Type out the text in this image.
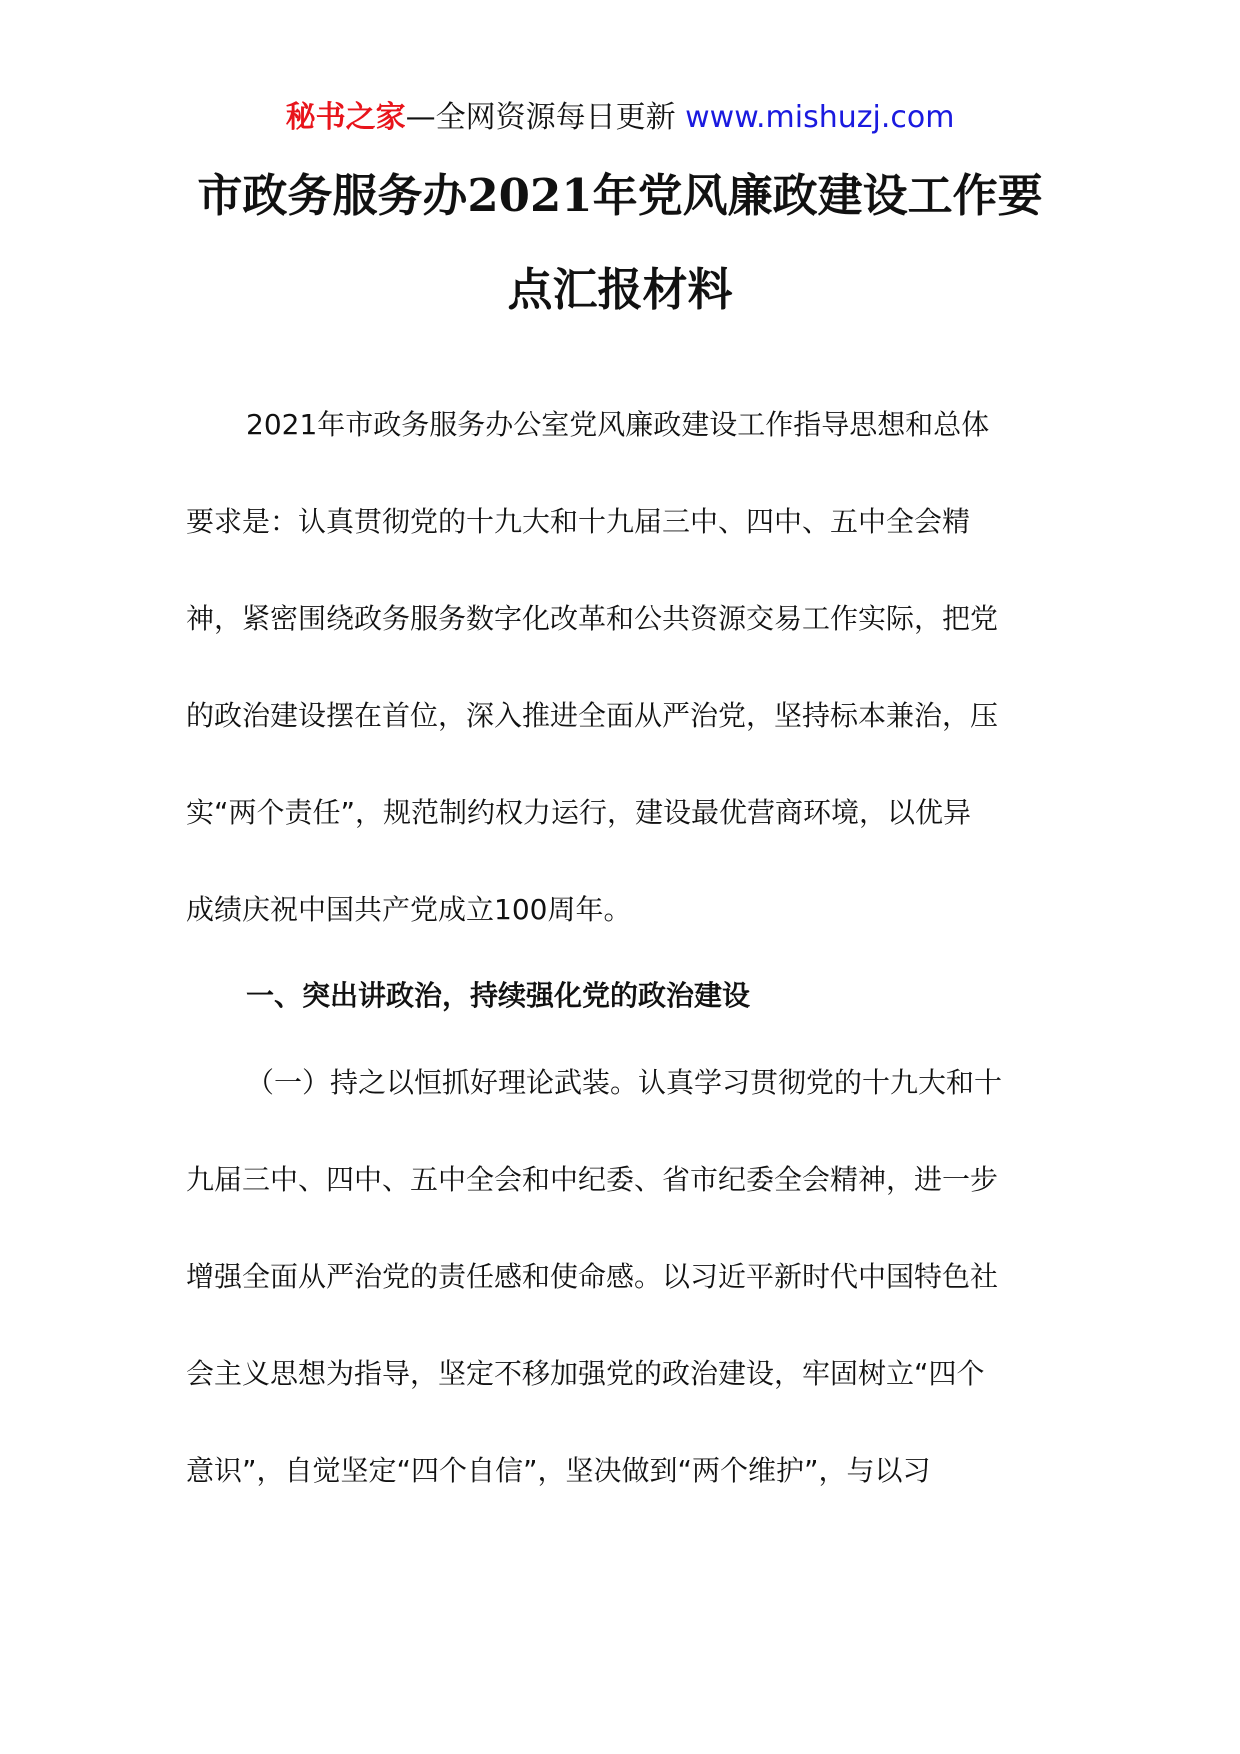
秘书之家—全网资源每日更新 www.mishuzj.com
市政务服务办2021年党风廉政建设工作要
点汇报材料
2021年市政务服务办公室党风廉政建设工作指导思想和总体
要求是：认真贯彻党的十九大和十九届三中、四中、五中全会精
神，紧密围绕政务服务数字化改革和公共资源交易工作实际，把党
的政治建设摆在首位，深入推进全面从严治党，坚持标本兼治，压
实“两个责任”，规范制约权力运行，建设最优营商环境，以优异
成绩庆祝中国共产党成立100周年。
一、突出讲政治，持续强化党的政治建设
（一）持之以恒抓好理论武装。认真学习贯彻党的十九大和十
九届三中、四中、五中全会和中纪委、省市纪委全会精神，进一步
增强全面从严治党的责任感和使命感。以习近平新时代中国特色社
会主义思想为指导，坚定不移加强党的政治建设，牢固树立“四个
意识”，自觉坚定“四个自信”，坚决做到“两个维护”，与以习
